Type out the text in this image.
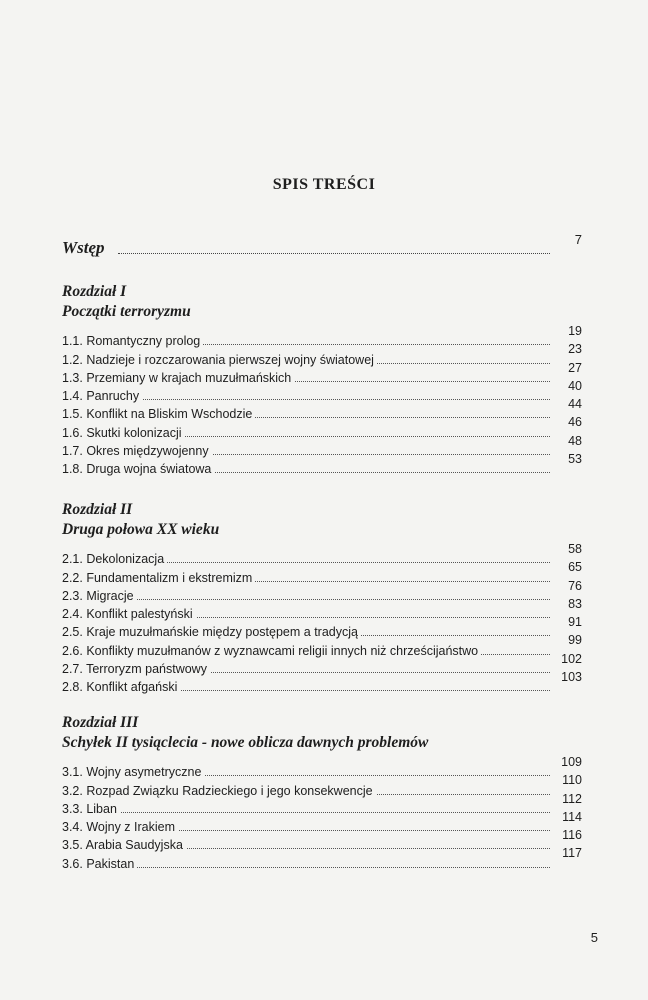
SPIS TREŚCI
Wstęp	7
Rozdział I
Początki terroryzmu
1.1. Romantyczny prolog
19
1.2. Nadzieje i rozczarowania pierwszej wojny światowej
23
1.3. Przemiany w krajach muzułmańskich
27
1.4. Panruchy
40
1.5. Konflikt na Bliskim Wschodzie
44
1.6. Skutki kolonizacji
46
1.7. Okres międzywojenny
48
1.8. Druga wojna światowa
53
Rozdział II
Druga połowa XX wieku
2.1. Dekolonizacja
58
2.2. Fundamentalizm i ekstremizm
65
2.3. Migracje
76
2.4. Konflikt palestyński
83
2.5. Kraje muzułmańskie między postępem a tradycją
91
2.6. Konflikty muzułmanów z wyznawcami religii innych niż chrześcijaństwo
99
2.7. Terroryzm państwowy
102
2.8. Konflikt afgański
103
Rozdział III
Schyłek II tysiąclecia - nowe oblicza dawnych problemów
3.1. Wojny asymetryczne
109
3.2. Rozpad Związku Radzieckiego i jego konsekwencje
110
3.3. Liban
112
3.4. Wojny z Irakiem
114
3.5. Arabia Saudyjska
116
3.6. Pakistan
117
5
